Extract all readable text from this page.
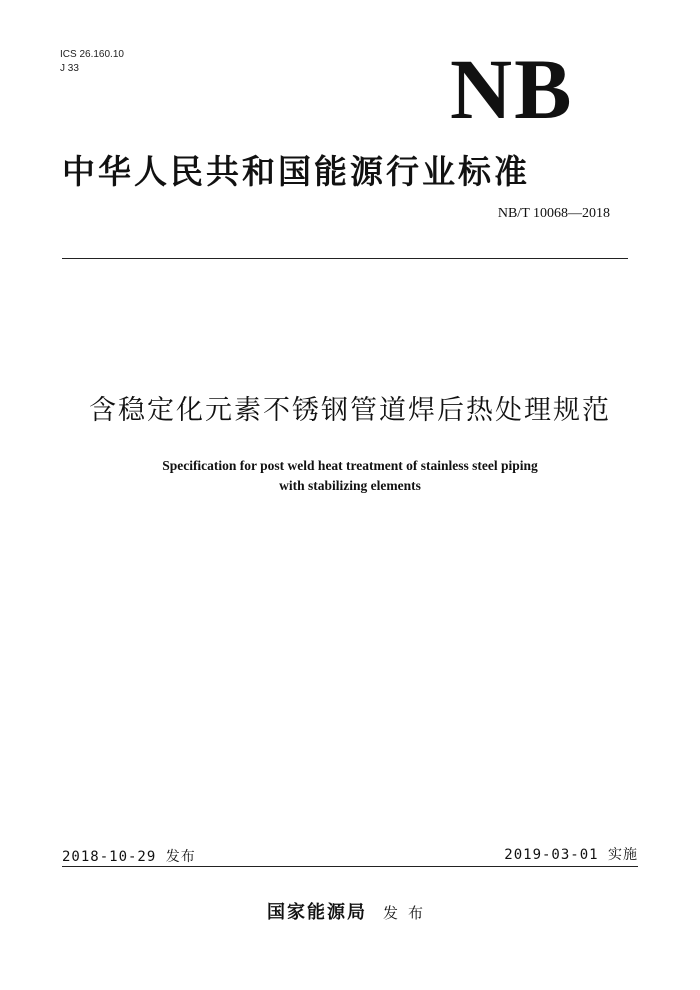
ICS 26.160.10
J 33	NB
中华人民共和国能源行业标准
NB/T 10068—2018
含稳定化元素不锈钢管道焊后热处理规范
Specification for post weld heat treatment of stainless steel piping
with stabilizing elements
2018-10-29 发布	2019-03-01 实施
国家能源局 发布
